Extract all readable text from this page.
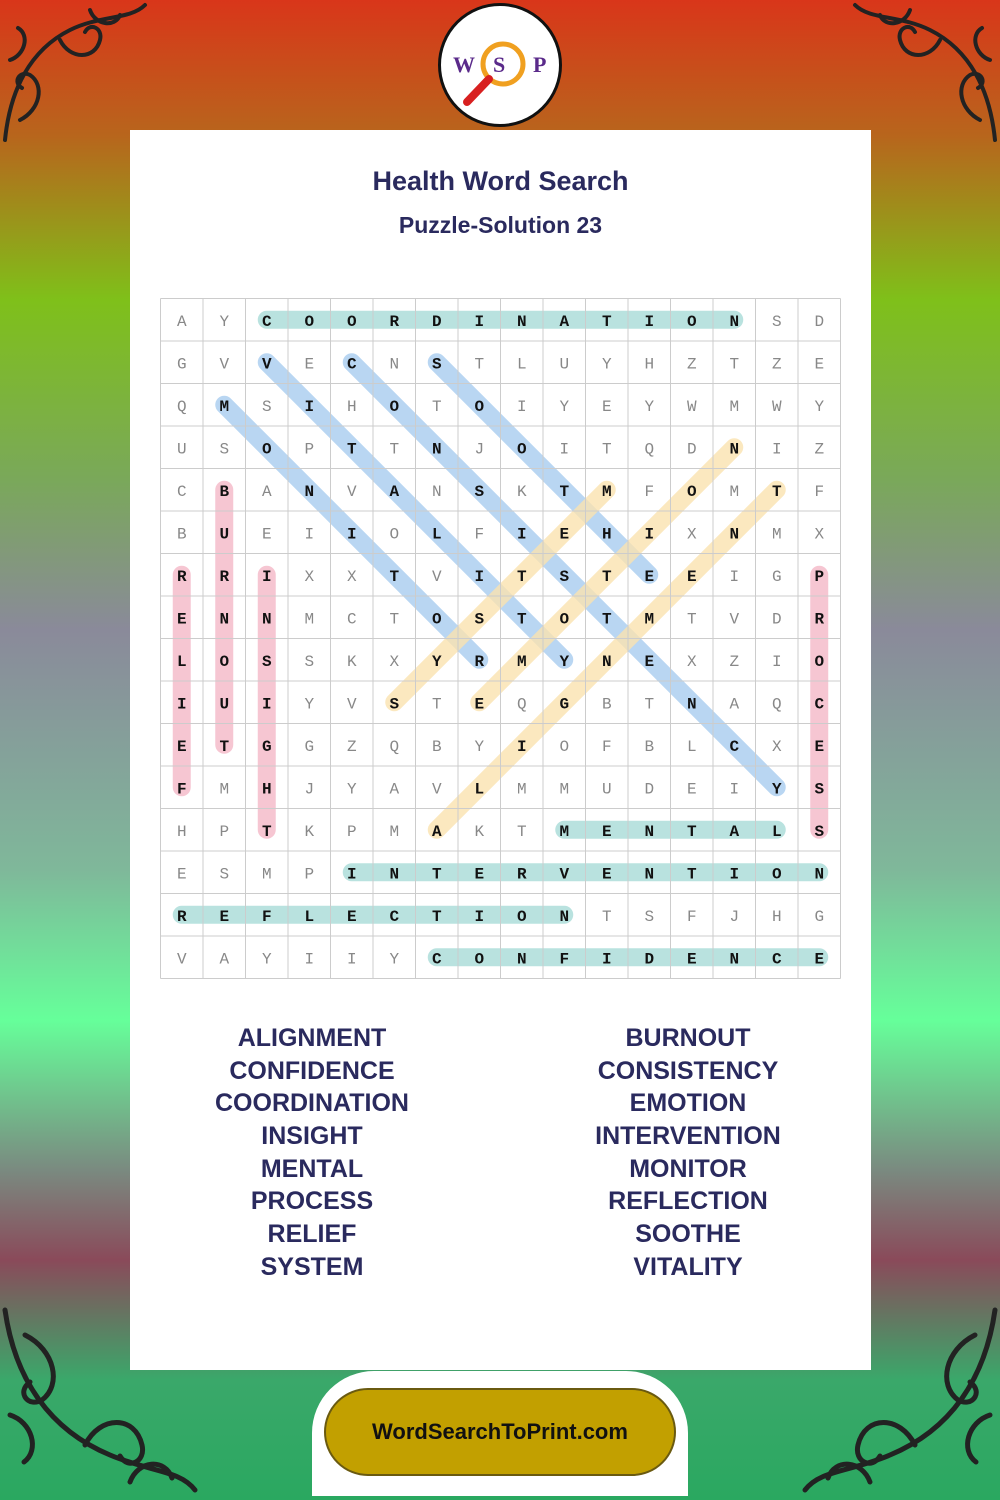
W S P
Health Word Search
Puzzle-Solution 23
A Y C O O R D I N A T I O N S D
G V V E C N S T L U Y H Z T Z E
Q M S I H O T O I Y E Y W M W Y
U S O P T T N J O I T Q D N I Z
C B A N V A N S K T M F O M T F
B U E I I O L F I E H I X N M X
R R I X X T V I T S T E E I G P
E N N M C T O S T O T M T V D R
L O S S K X Y R M Y N E X Z I O
I U I Y V S T E Q G B T N A Q C
E T G G Z Q B Y I O F B L C X E
F M H J Y A V L M M U D E I Y S
H P T K P M A K T M E N T A L S
E S M P I N T E R V E N T I O N
R E F L E C T I O N T S F J H G
V A Y I I Y C O N F I D E N C E
ALIGNMENT
CONFIDENCE
COORDINATION
INSIGHT
MENTAL
PROCESS
RELIEF
SYSTEM
BURNOUT
CONSISTENCY
EMOTION
INTERVENTION
MONITOR
REFLECTION
SOOTHE
VITALITY
WordSearchToPrint.com
